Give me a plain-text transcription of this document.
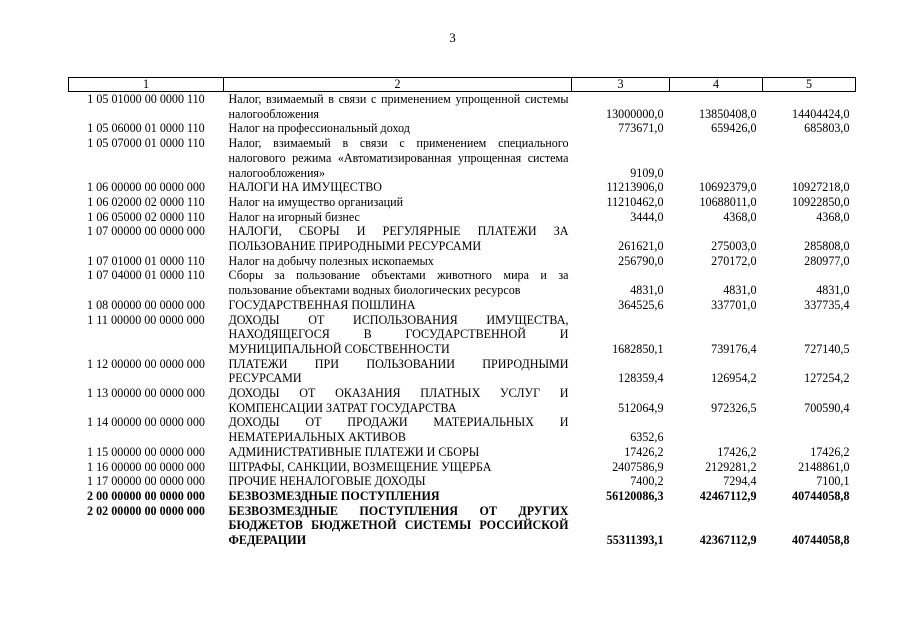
3
1	2	3	4	5
1 05 01000 00 0000 110	Налог, взимаемый в связи с применением упрощенной системы налогообложения	13000000,0	13850408,0	14404424,0
1 05 06000 01 0000 110	Налог на профессиональный доход	773671,0	659426,0	685803,0
1 05 07000 01 0000 110	Налог, взимаемый в связи с применением специального налогового режима «Автоматизированная упрощенная система налогообложения»	9109,0		
1 06 00000 00 0000 000	НАЛОГИ НА ИМУЩЕСТВО	11213906,0	10692379,0	10927218,0
1 06 02000 02 0000 110	Налог на имущество организаций	11210462,0	10688011,0	10922850,0
1 06 05000 02 0000 110	Налог на игорный бизнес	3444,0	4368,0	4368,0
1 07 00000 00 0000 000	НАЛОГИ, СБОРЫ И РЕГУЛЯРНЫЕ ПЛАТЕЖИ ЗА ПОЛЬЗОВАНИЕ ПРИРОДНЫМИ РЕСУРСАМИ	261621,0	275003,0	285808,0
1 07 01000 01 0000 110	Налог на добычу полезных ископаемых	256790,0	270172,0	280977,0
1 07 04000 01 0000 110	Сборы за пользование объектами животного мира и за пользование объектами водных биологических ресурсов	4831,0	4831,0	4831,0
1 08 00000 00 0000 000	ГОСУДАРСТВЕННАЯ ПОШЛИНА	364525,6	337701,0	337735,4
1 11 00000 00 0000 000	ДОХОДЫ ОТ ИСПОЛЬЗОВАНИЯ ИМУЩЕСТВА, НАХОДЯЩЕГОСЯ В ГОСУДАРСТВЕННОЙ И МУНИЦИПАЛЬНОЙ СОБСТВЕННОСТИ	1682850,1	739176,4	727140,5
1 12 00000 00 0000 000	ПЛАТЕЖИ ПРИ ПОЛЬЗОВАНИИ ПРИРОДНЫМИ РЕСУРСАМИ	128359,4	126954,2	127254,2
1 13 00000 00 0000 000	ДОХОДЫ ОТ ОКАЗАНИЯ ПЛАТНЫХ УСЛУГ И КОМПЕНСАЦИИ ЗАТРАТ ГОСУДАРСТВА	512064,9	972326,5	700590,4
1 14 00000 00 0000 000	ДОХОДЫ ОТ ПРОДАЖИ МАТЕРИАЛЬНЫХ И НЕМАТЕРИАЛЬНЫХ АКТИВОВ	6352,6		
1 15 00000 00 0000 000	АДМИНИСТРАТИВНЫЕ ПЛАТЕЖИ И СБОРЫ	17426,2	17426,2	17426,2
1 16 00000 00 0000 000	ШТРАФЫ, САНКЦИИ, ВОЗМЕЩЕНИЕ УЩЕРБА	2407586,9	2129281,2	2148861,0
1 17 00000 00 0000 000	ПРОЧИЕ НЕНАЛОГОВЫЕ ДОХОДЫ	7400,2	7294,4	7100,1
2 00 00000 00 0000 000	БЕЗВОЗМЕЗДНЫЕ ПОСТУПЛЕНИЯ	56120086,3	42467112,9	40744058,8
2 02 00000 00 0000 000	БЕЗВОЗМЕЗДНЫЕ ПОСТУПЛЕНИЯ ОТ ДРУГИХ БЮДЖЕТОВ БЮДЖЕТНОЙ СИСТЕМЫ РОССИЙСКОЙ ФЕДЕРАЦИИ	55311393,1	42367112,9	40744058,8
